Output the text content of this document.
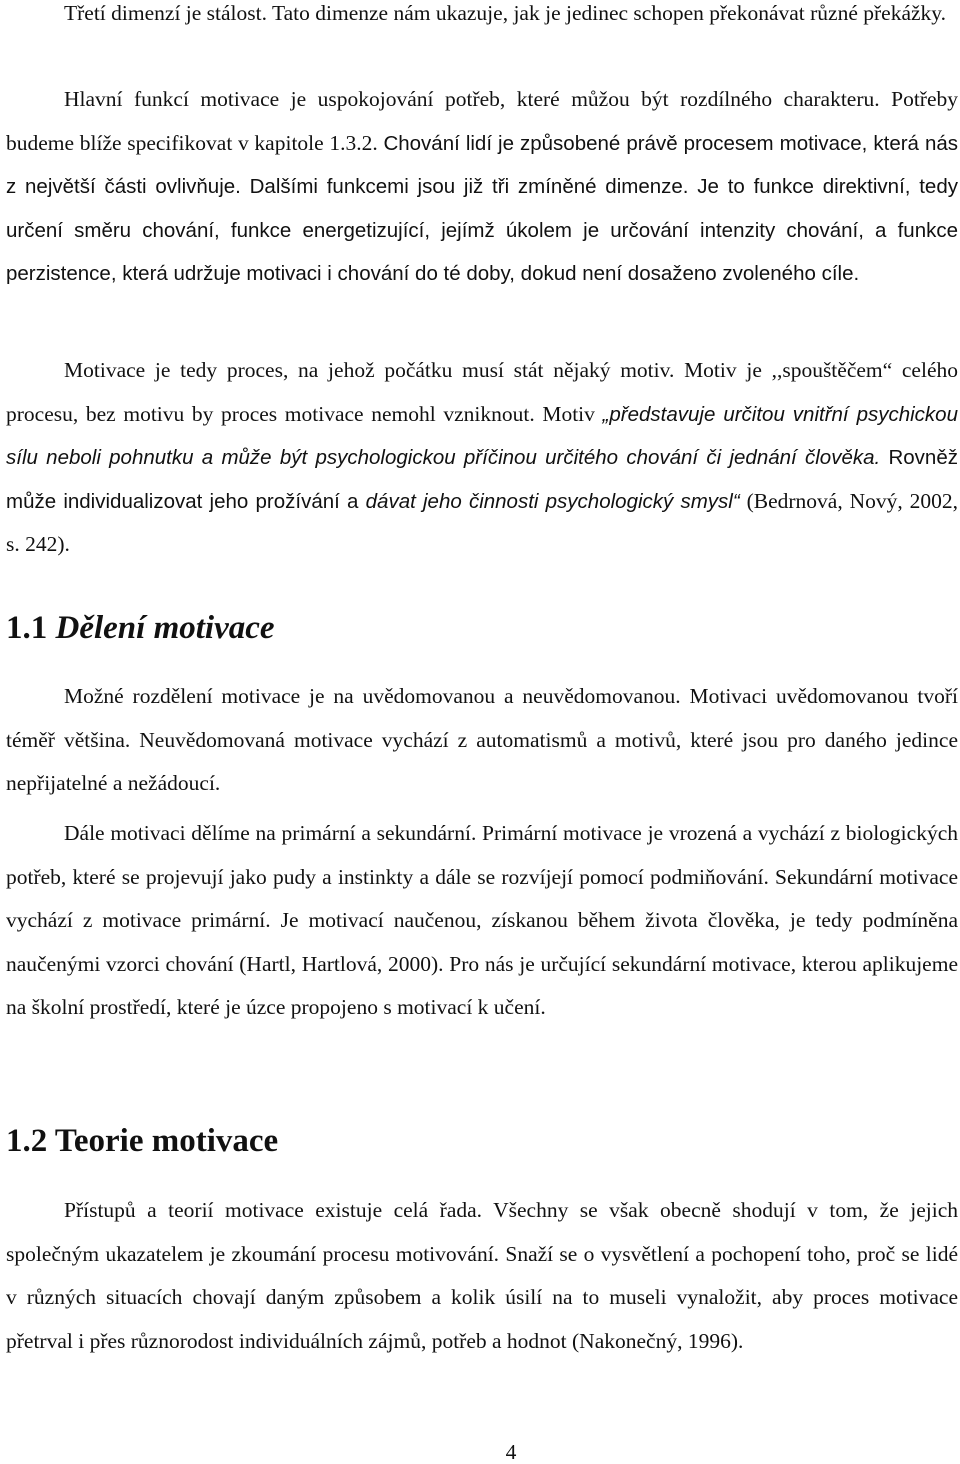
Třetí dimenzí je stálost. Tato dimenze nám ukazuje, jak je jedinec schopen překonávat různé překážky.

Hlavní funkcí motivace je uspokojování potřeb, které můžou být rozdílného charakteru. Potřeby budeme blíže specifikovat v kapitole 1.3.2. Chování lidí je způsobené právě procesem motivace, která nás z největší části ovlivňuje. Dalšími funkcemi jsou již tři zmíněné dimenze. Je to funkce direktivní, tedy určení směru chování, funkce energetizující, jejímž úkolem je určování intenzity chování, a funkce perzistence, která udržuje motivaci i chování do té doby, dokud není dosaženo zvoleného cíle.

Motivace je tedy proces, na jehož počátku musí stát nějaký motiv. Motiv je ,,spouštěčem“ celého procesu, bez motivu by proces motivace nemohl vzniknout. Motiv „představuje určitou vnitřní psychickou sílu neboli pohnutku a může být psychologickou příčinou určitého chování či jednání člověka. Rovněž může individualizovat jeho prožívání a dávat jeho činnosti psychologický smysl“ (Bedrnová, Nový, 2002, s. 242).

1.1 Dělení motivace

Možné rozdělení motivace je na uvědomovanou a neuvědomovanou. Motivaci uvědomovanou tvoří téměř většina. Neuvědomovaná motivace vychází z automatismů a motivů, které jsou pro daného jedince nepřijatelné a nežádoucí.

Dále motivaci dělíme na primární a sekundární. Primární motivace je vrozená a vychází z biologických potřeb, které se projevují jako pudy a instinkty a dále se rozvíjejí pomocí podmiňování. Sekundární motivace vychází z motivace primární. Je motivací naučenou, získanou během života člověka, je tedy podmíněna naučenými vzorci chování (Hartl, Hartlová, 2000). Pro nás je určující sekundární motivace, kterou aplikujeme na školní prostředí, které je úzce propojeno s motivací k učení.

1.2 Teorie motivace

Přístupů a teorií motivace existuje celá řada. Všechny se však obecně shodují v tom, že jejich společným ukazatelem je zkoumání procesu motivování. Snaží se o vysvětlení a pochopení toho, proč se lidé v různých situacích chovají daným způsobem a kolik úsilí na to museli vynaložit, aby proces motivace přetrval i přes různorodost individuálních zájmů, potřeb a hodnot (Nakonečný, 1996).

4
